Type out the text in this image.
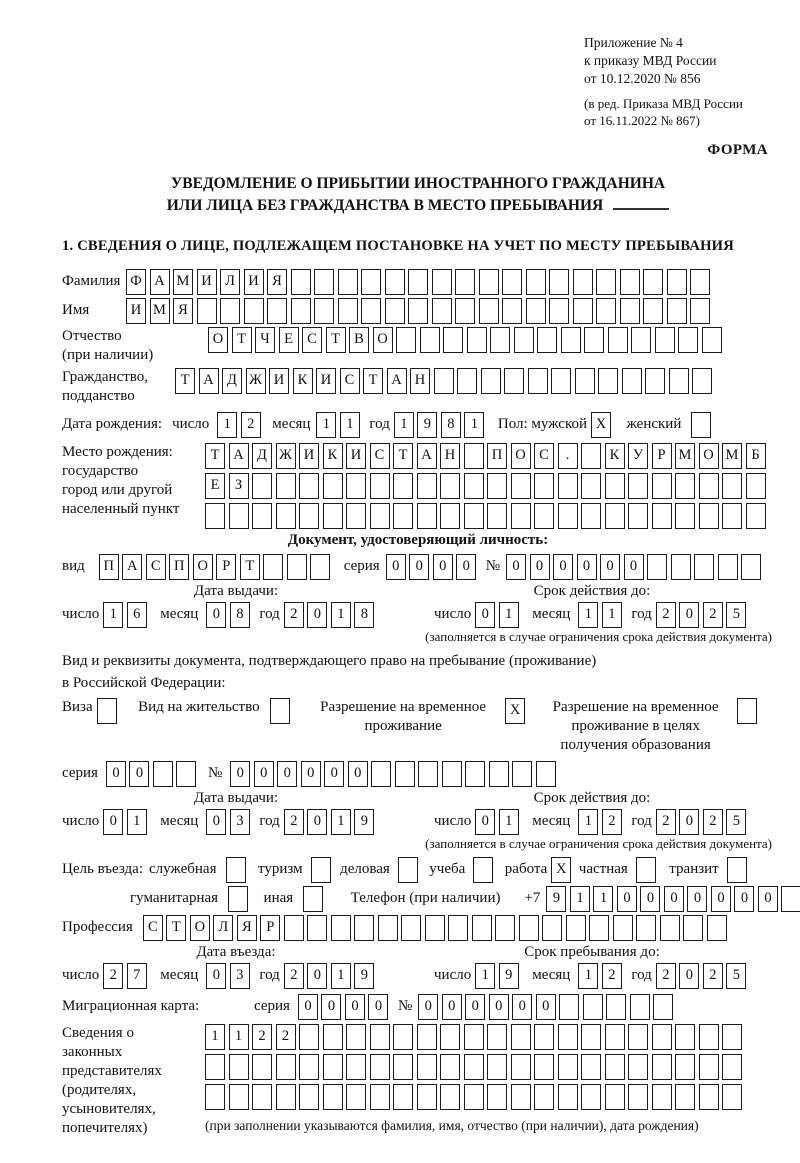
Приложение № 4
к приказу МВД России
от 10.12.2020 № 856
(в ред. Приказа МВД России
от 16.11.2022 № 867)
ФОРМА
УВЕДОМЛЕНИЕ О ПРИБЫТИИ ИНОСТРАННОГО ГРАЖДАНИНА
ИЛИ ЛИЦА БЕЗ ГРАЖДАНСТВА В МЕСТО ПРЕБЫВАНИЯ
1. СВЕДЕНИЯ О ЛИЦЕ, ПОДЛЕЖАЩЕМ ПОСТАНОВКЕ НА УЧЕТ ПО МЕСТУ ПРЕБЫВАНИЯ
Фамилия Ф А М И Л И Я
Имя	И М Я
Отчество
(при наличии)
О Т Ч Е С Т В О
Гражданство,
подданство
Т А Д Ж И К И С Т А Н
Дата рождения: число 1	2	месяц 1	1	год 1	9	8	1	Пол: мужской X	женский
Место рождения:
государство
город или другой
населенный пункт
Т А Д Ж И К И С Т А Н	П О С	.	К У Р М О М Б
Е	З
Документ, удостоверяющий личность:
вид	П А С П О Р	Т	серия 0	0	0	0	№ 0	0	0	0	0	0
Дата выдачи:
число 1	6	месяц 0	8	год 2	0	1	8
Срок действия до:
число 0	1	месяц 1	1	год 2	0	2	5
(заполняется в случае ограничения срока действия документа)
Вид и реквизиты документа, подтверждающего право на пребывание (проживание)
в Российской Федерации:
Виза	Вид на жительство	Разрешение на временное
проживание
X	Разрешение на временное
проживание в целях
получения образования
серия 0	0	№ 0	0	0	0	0	0
Дата выдачи:
число 0	1	месяц 0	3	год 2	0	1	9
Срок действия до:
число 0	1	месяц 1	2	год 2	0	2	5
(заполняется в случае ограничения срока действия документа)
Цель въезда: служебная	туризм	деловая	учеба	работа X частная	транзит
гуманитарная	иная	Телефон (при наличии) +7 9	1	1	0	0	0	0	0	0	0
Профессия	С Т О Л Я	Р
Дата въезда:
число 2	7	месяц 0	3	год 2	0	1	9
Срок пребывания до:
число 1	9	месяц 1	2	год 2	0	2	5
Миграционная карта:	серия 0	0	0	0	№ 0	0	0	0	0	0
Сведения о
законных
представителях
(родителях,
усыновителях,
попечителях)
1	1	2	2
(при заполнении указываются фамилия, имя, отчество (при наличии), дата рождения)
